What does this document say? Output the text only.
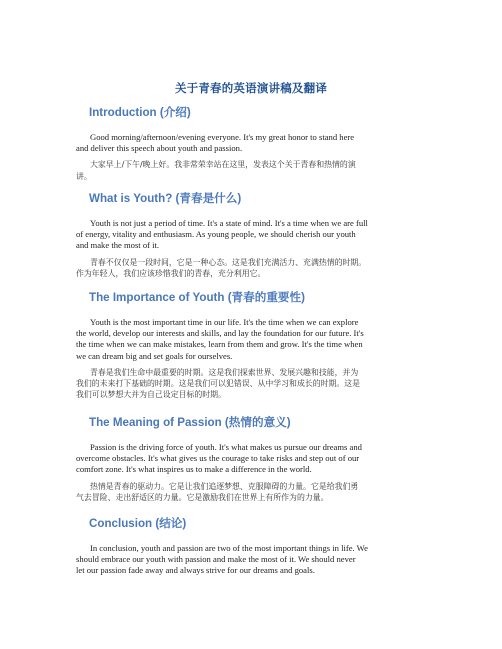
关于青春的英语演讲稿及翻译
Introduction (介绍)

Good morning/afternoon/evening everyone. It's my great honor to stand here
and deliver this speech about youth and passion.

大家早上/下午/晚上好。我非常荣幸站在这里，发表这个关于青春和热情的演
讲。

What is Youth? (青春是什么)

Youth is not just a period of time. It's a state of mind. It's a time when we are full
of energy, vitality and enthusiasm. As young people, we should cherish our youth
and make the most of it.

青春不仅仅是一段时间，它是一种心态。这是我们充满活力、充满热情的时期。
作为年轻人，我们应该珍惜我们的青春，充分利用它。

The Importance of Youth (青春的重要性)

Youth is the most important time in our life. It's the time when we can explore
the world, develop our interests and skills, and lay the foundation for our future. It's
the time when we can make mistakes, learn from them and grow. It's the time when
we can dream big and set goals for ourselves.

青春是我们生命中最重要的时期。这是我们探索世界、发展兴趣和技能，并为
我们的未来打下基础的时期。这是我们可以犯错误、从中学习和成长的时期。这是
我们可以梦想大并为自己设定目标的时期。

The Meaning of Passion (热情的意义)

Passion is the driving force of youth. It's what makes us pursue our dreams and
overcome obstacles. It's what gives us the courage to take risks and step out of our
comfort zone. It's what inspires us to make a difference in the world.

热情是青春的驱动力。它是让我们追逐梦想、克服障碍的力量。它是给我们勇
气去冒险、走出舒适区的力量。它是激励我们在世界上有所作为的力量。

Conclusion (结论)

In conclusion, youth and passion are two of the most important things in life. We
should embrace our youth with passion and make the most of it. We should never
let our passion fade away and always strive for our dreams and goals.
